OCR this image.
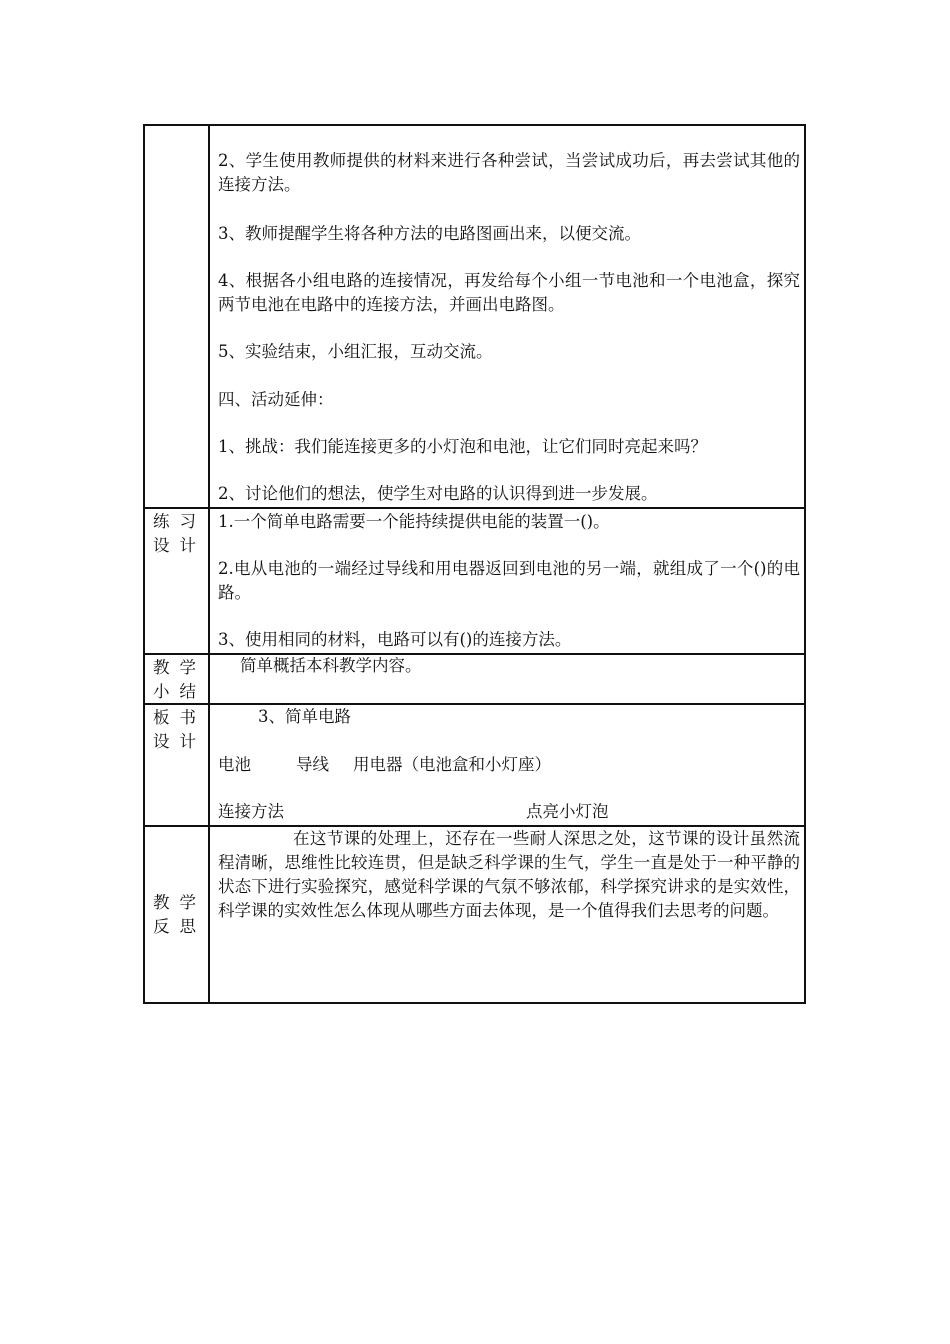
2、学生使用教师提供的材料来进行各种尝试，当尝试成功后，再去尝试其他的连接方法。
3、教师提醒学生将各种方法的电路图画出来，以便交流。
4、根据各小组电路的连接情况，再发给每个小组一节电池和一个电池盒，探究两节电池在电路中的连接方法，并画出电路图。
5、实验结束，小组汇报，互动交流。
四、活动延伸：
1、挑战：我们能连接更多的小灯泡和电池，让它们同时亮起来吗？
2、讨论他们的想法，使学生对电路的认识得到进一步发展。
练习
设计
1.一个简单电路需要一个能持续提供电能的装置一()。
2.电从电池的一端经过导线和用电器返回到电池的另一端，就组成了一个()的电路。
3、使用相同的材料，电路可以有()的连接方法。
教学
小结
简单概括本科教学内容。
板书
设计
3、简单电路
电池	导线 用电器（电池盒和小灯座）
连接方法	点亮小灯泡
教学
反思
在这节课的处理上，还存在一些耐人深思之处，这节课的设计虽然流程清晰，思维性比较连贯，但是缺乏科学课的生气，学生一直是处于一种平静的状态下进行实验探究，感觉科学课的气氛不够浓郁，科学探究讲求的是实效性，科学课的实效性怎么体现从哪些方面去体现，是一个值得我们去思考的问题。
